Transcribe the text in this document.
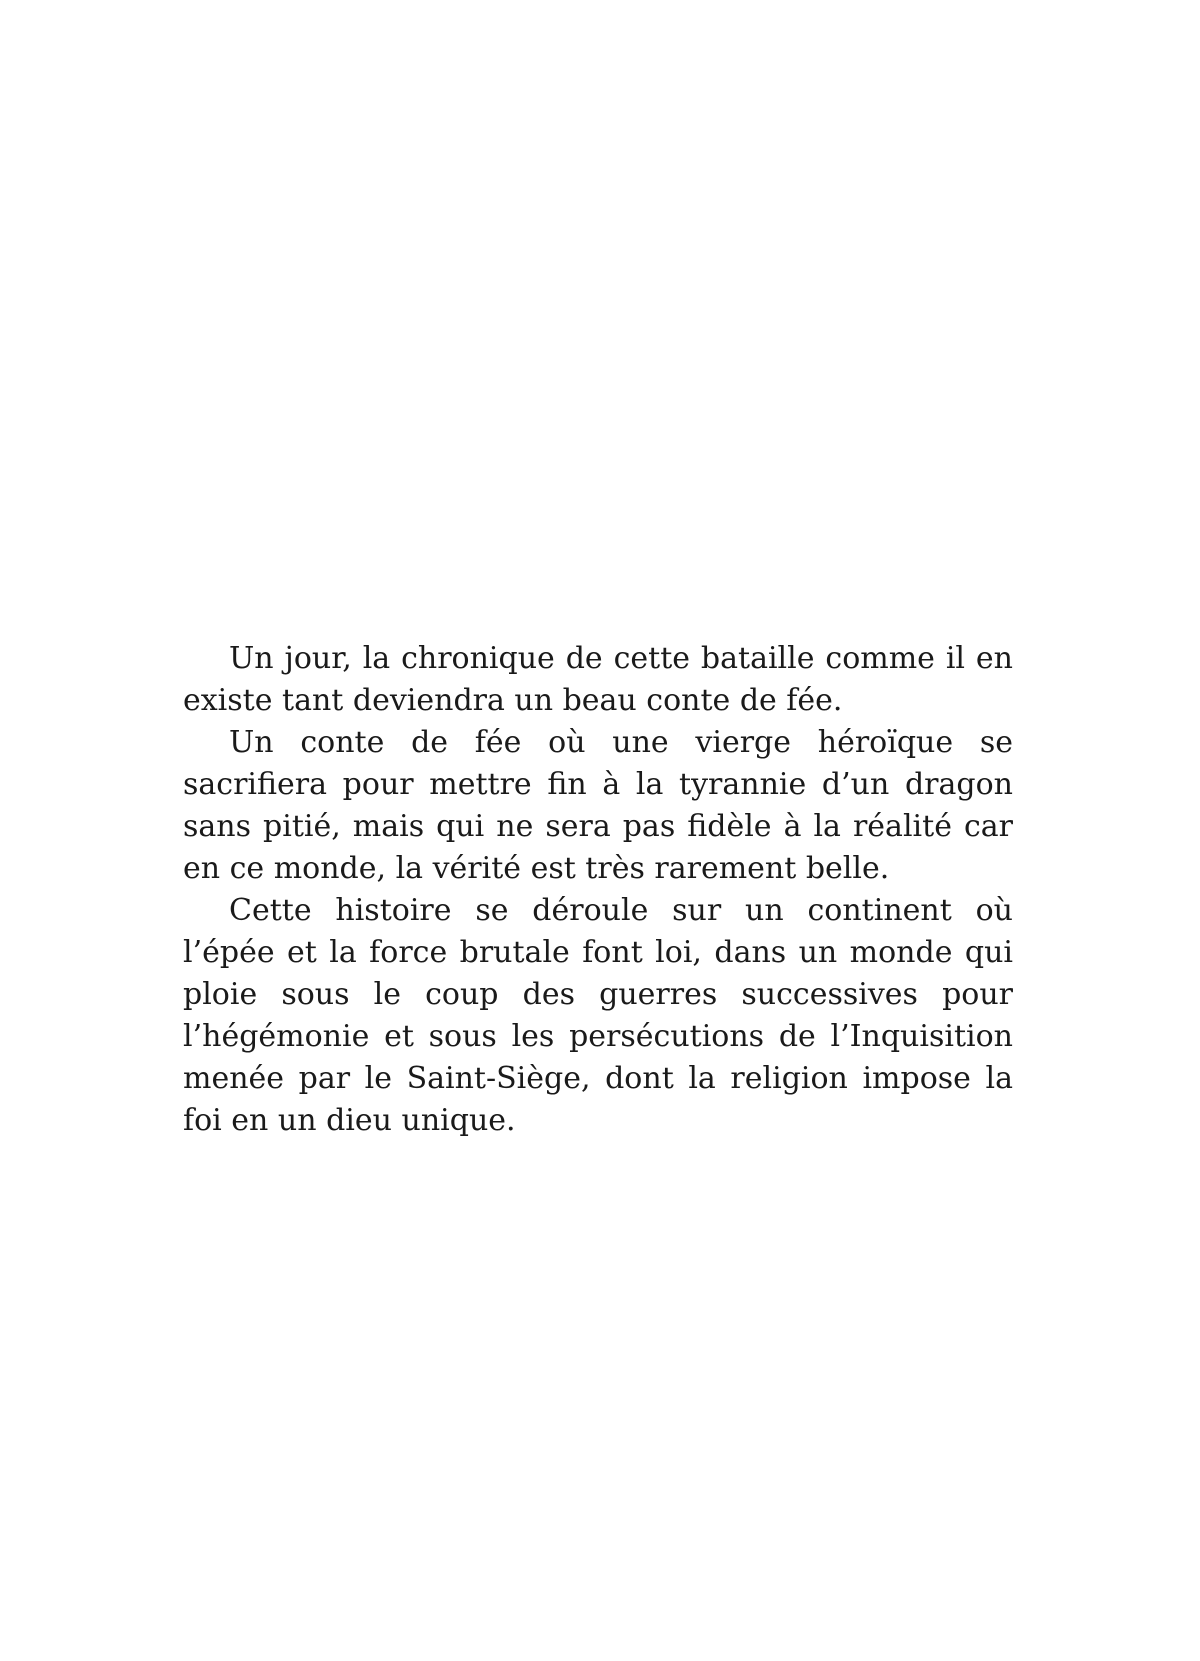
Un jour, la chronique de cette bataille comme il en existe tant deviendra un beau conte de fée.

Un conte de fée où une vierge héroïque se sacrifiera pour mettre fin à la tyrannie d’un dragon sans pitié, mais qui ne sera pas fidèle à la réalité car en ce monde, la vérité est très rarement belle.

Cette histoire se déroule sur un continent où l’épée et la force brutale font loi, dans un monde qui ploie sous le coup des guerres successives pour l’hégémonie et sous les persécutions de l’Inquisition menée par le Saint-Siège, dont la religion impose la foi en un dieu unique.
